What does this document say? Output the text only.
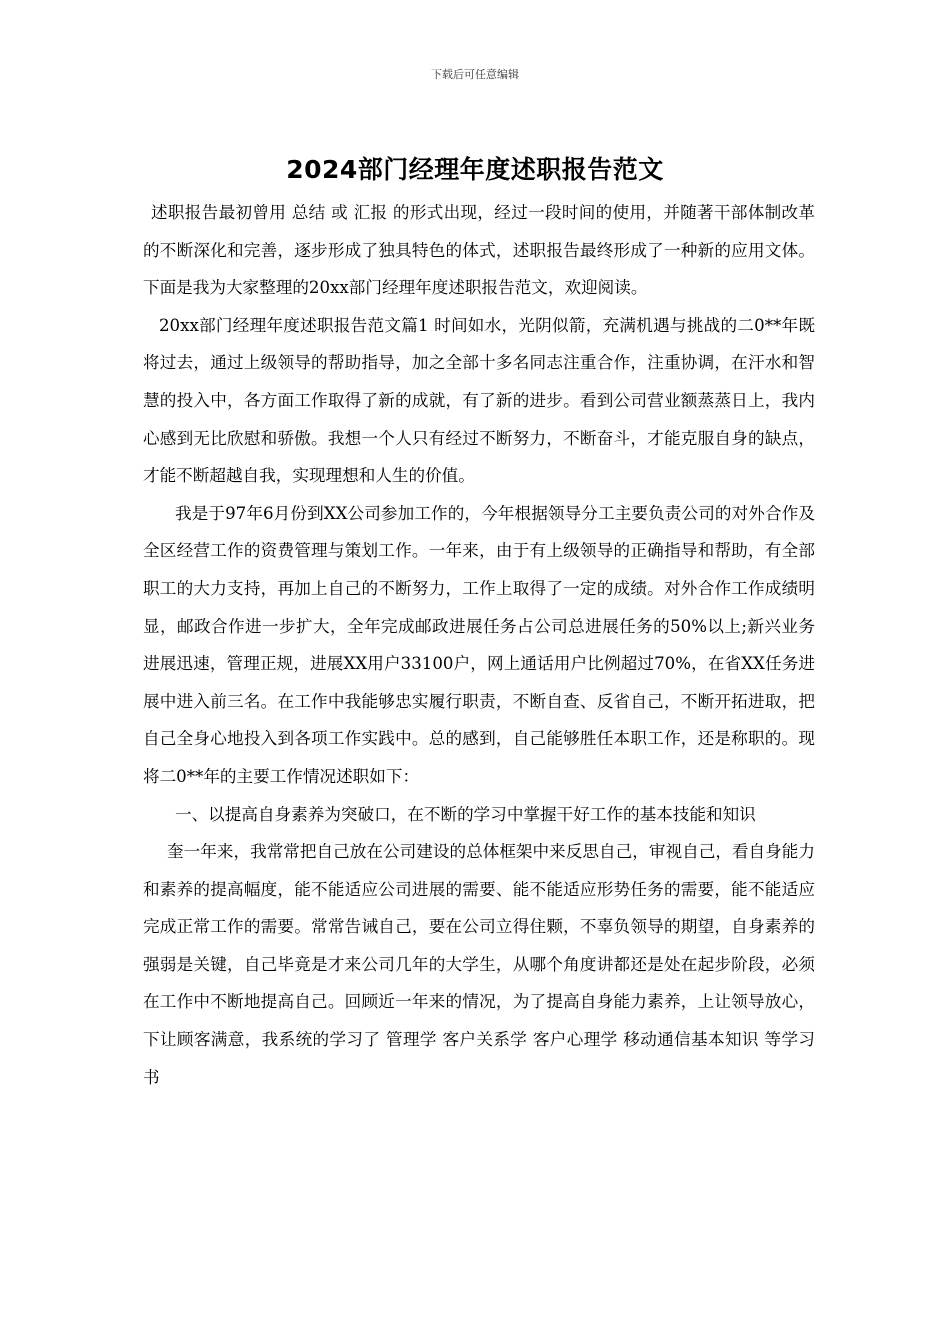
下载后可任意编辑
2024部门经理年度述职报告范文

述职报告最初曾用 总结 或 汇报 的形式出现，经过一段时间的使用，并随著干部体制改革的不断深化和完善，逐步形成了独具特色的体式，述职报告最终形成了一种新的应用文体。下面是我为大家整理的20xx部门经理年度述职报告范文，欢迎阅读。

20xx部门经理年度述职报告范文篇1 时间如水，光阴似箭，充满机遇与挑战的二0**年既将过去，通过上级领导的帮助指导，加之全部十多名同志注重合作，注重协调，在汗水和智慧的投入中，各方面工作取得了新的成就，有了新的进步。看到公司营业额蒸蒸日上，我内心感到无比欣慰和骄傲。我想一个人只有经过不断努力，不断奋斗，才能克服自身的缺点，才能不断超越自我，实现理想和人生的价值。

我是于97年6月份到XX公司参加工作的，今年根据领导分工主要负责公司的对外合作及全区经营工作的资费管理与策划工作。一年来，由于有上级领导的正确指导和帮助，有全部职工的大力支持，再加上自己的不断努力，工作上取得了一定的成绩。对外合作工作成绩明显，邮政合作进一步扩大，全年完成邮政进展任务占公司总进展任务的50%以上;新兴业务进展迅速，管理正规，进展XX用户33100户，网上通话用户比例超过70%，在省XX任务进展中进入前三名。在工作中我能够忠实履行职责，不断自查、反省自己，不断开拓进取，把自己全身心地投入到各项工作实践中。总的感到，自己能够胜任本职工作，还是称职的。现将二0**年的主要工作情况述职如下：

一、以提高自身素养为突破口，在不断的学习中掌握干好工作的基本技能和知识

奎一年来，我常常把自己放在公司建设的总体框架中来反思自己，审视自己，看自身能力和素养的提高幅度，能不能适应公司进展的需要、能不能适应形势任务的需要，能不能适应完成正常工作的需要。常常告诫自己，要在公司立得住颗，不辜负领导的期望，自身素养的强弱是关键，自己毕竟是才来公司几年的大学生，从哪个角度讲都还是处在起步阶段，必须在工作中不断地提高自己。回顾近一年来的情况，为了提高自身能力素养，上让领导放心，下让顾客满意，我系统的学习了 管理学 客户关系学 客户心理学 移动通信基本知识 等学习书
